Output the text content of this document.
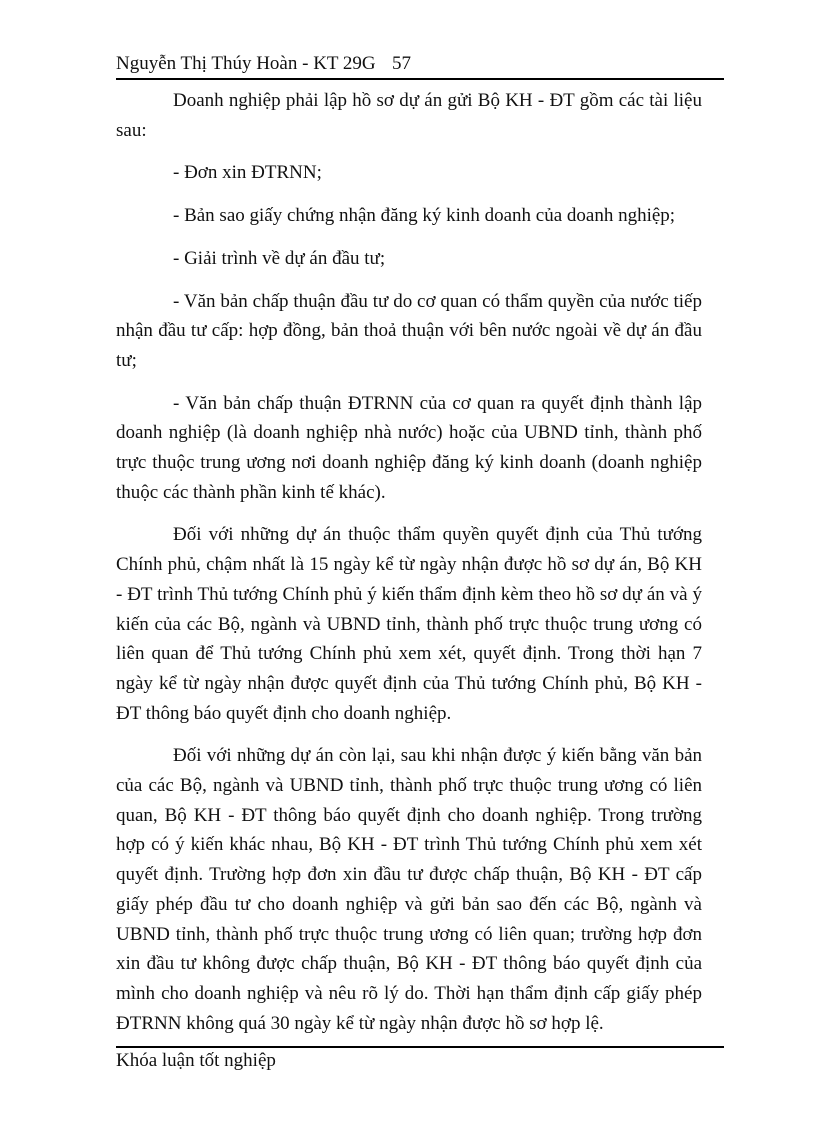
Nguyễn Thị Thúy Hoàn - KT 29G 57

Doanh nghiệp phải lập hồ sơ dự án gửi Bộ KH - ĐT gồm các tài liệu sau:

- Đơn xin ĐTRNN;

- Bản sao giấy chứng nhận đăng ký kinh doanh của doanh nghiệp;

- Giải trình về dự án đầu tư;

- Văn bản chấp thuận đầu tư do cơ quan có thẩm quyền của nước tiếp nhận đầu tư cấp: hợp đồng, bản thoả thuận với bên nước ngoài về dự án đầu tư;

- Văn bản chấp thuận ĐTRNN của cơ quan ra quyết định thành lập doanh nghiệp (là doanh nghiệp nhà nước) hoặc của UBND tỉnh, thành phố trực thuộc trung ương nơi doanh nghiệp đăng ký kinh doanh (doanh nghiệp thuộc các thành phần kinh tế khác).

Đối với những dự án thuộc thẩm quyền quyết định của Thủ tướng Chính phủ, chậm nhất là 15 ngày kể từ ngày nhận được hồ sơ dự án, Bộ KH - ĐT trình Thủ tướng Chính phủ ý kiến thẩm định kèm theo hồ sơ dự án và ý kiến của các Bộ, ngành và UBND tỉnh, thành phố trực thuộc trung ương có liên quan để Thủ tướng Chính phủ xem xét, quyết định. Trong thời hạn 7 ngày kể từ ngày nhận được quyết định của Thủ tướng Chính phủ, Bộ KH - ĐT thông báo quyết định cho doanh nghiệp.

Đối với những dự án còn lại, sau khi nhận được ý kiến bằng văn bản của các Bộ, ngành và UBND tỉnh, thành phố trực thuộc trung ương có liên quan, Bộ KH - ĐT thông báo quyết định cho doanh nghiệp. Trong trường hợp có ý kiến khác nhau, Bộ KH - ĐT trình Thủ tướng Chính phủ xem xét quyết định. Trường hợp đơn xin đầu tư được chấp thuận, Bộ KH - ĐT cấp giấy phép đầu tư cho doanh nghiệp và gửi bản sao đến các Bộ, ngành và UBND tỉnh, thành phố trực thuộc trung ương có liên quan; trường hợp đơn xin đầu tư không được chấp thuận, Bộ KH - ĐT thông báo quyết định của mình cho doanh nghiệp và nêu rõ lý do. Thời hạn thẩm định cấp giấy phép ĐTRNN không quá 30 ngày kể từ ngày nhận được hồ sơ hợp lệ.

Khóa luận tốt nghiệp
